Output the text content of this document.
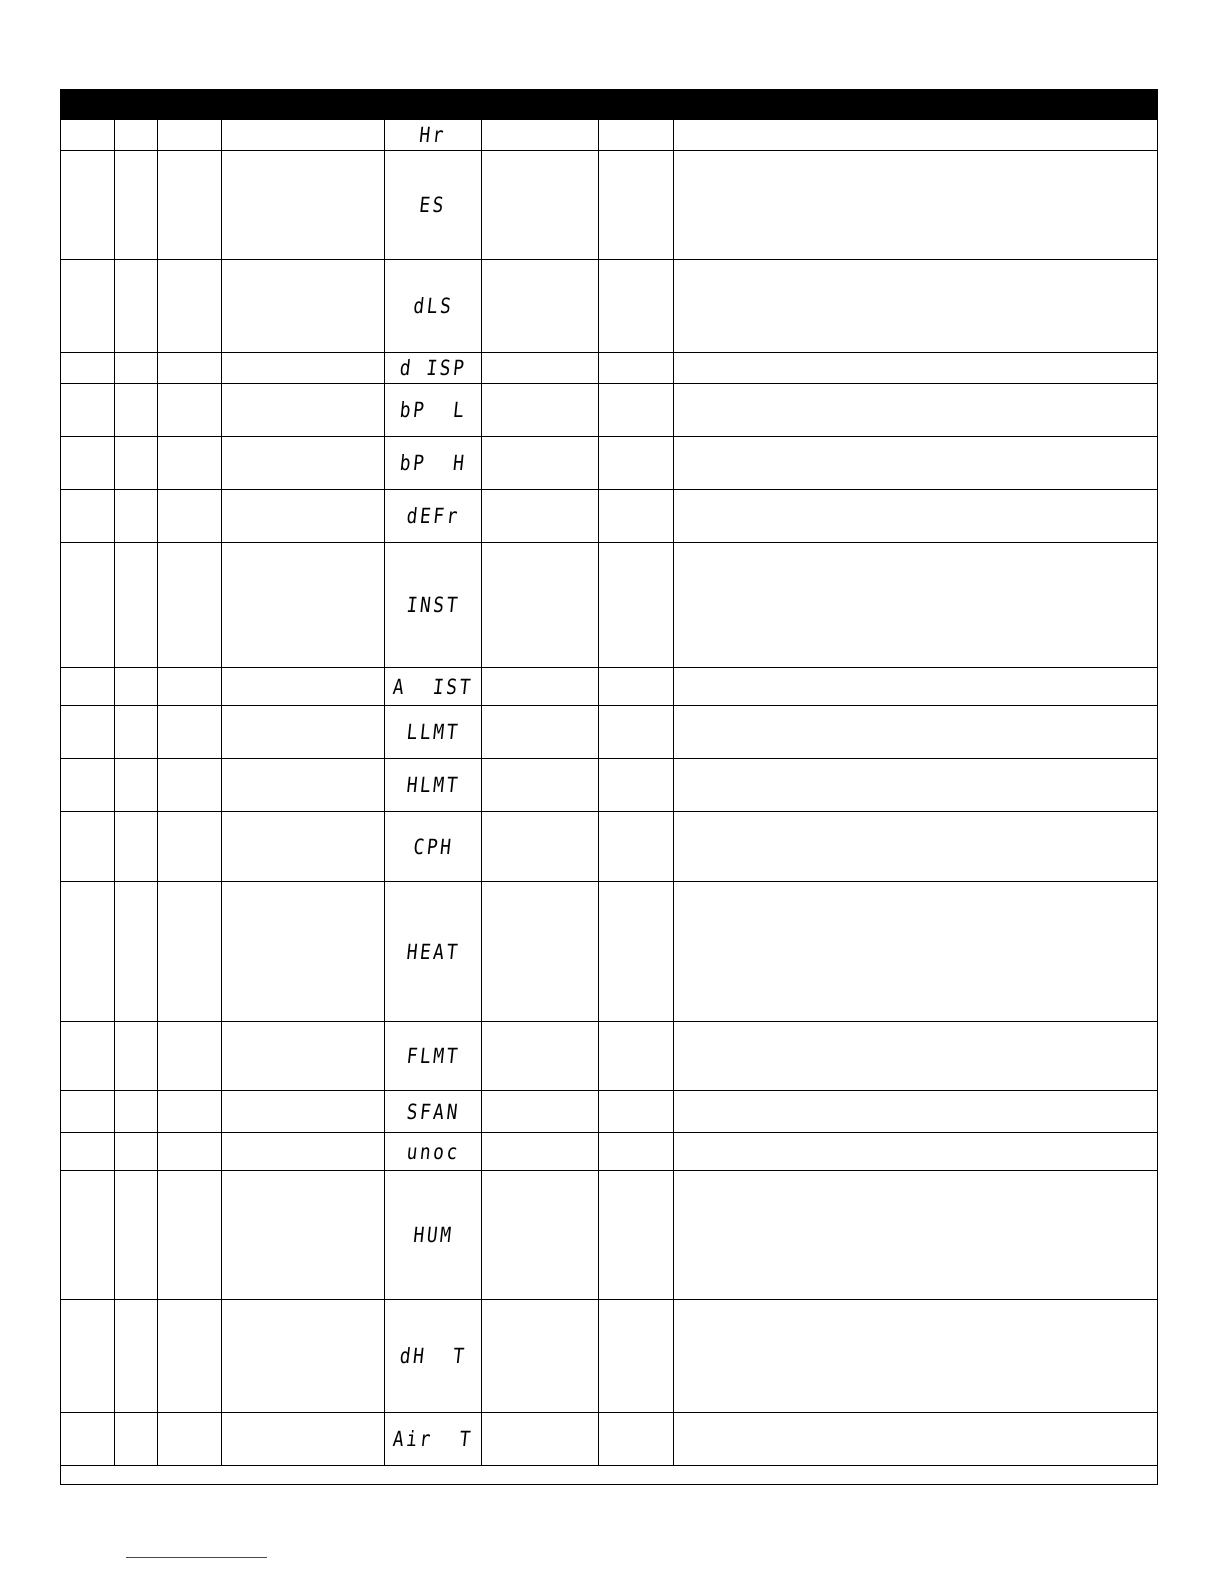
Hr
ES
dLS
d ISP
bP  L
bP  H
dEFr
INST
A  IST
LLMT
HLMT
CPH
HEAT
FLMT
SFAN
unoc
HUM
dH  T
Air  T
